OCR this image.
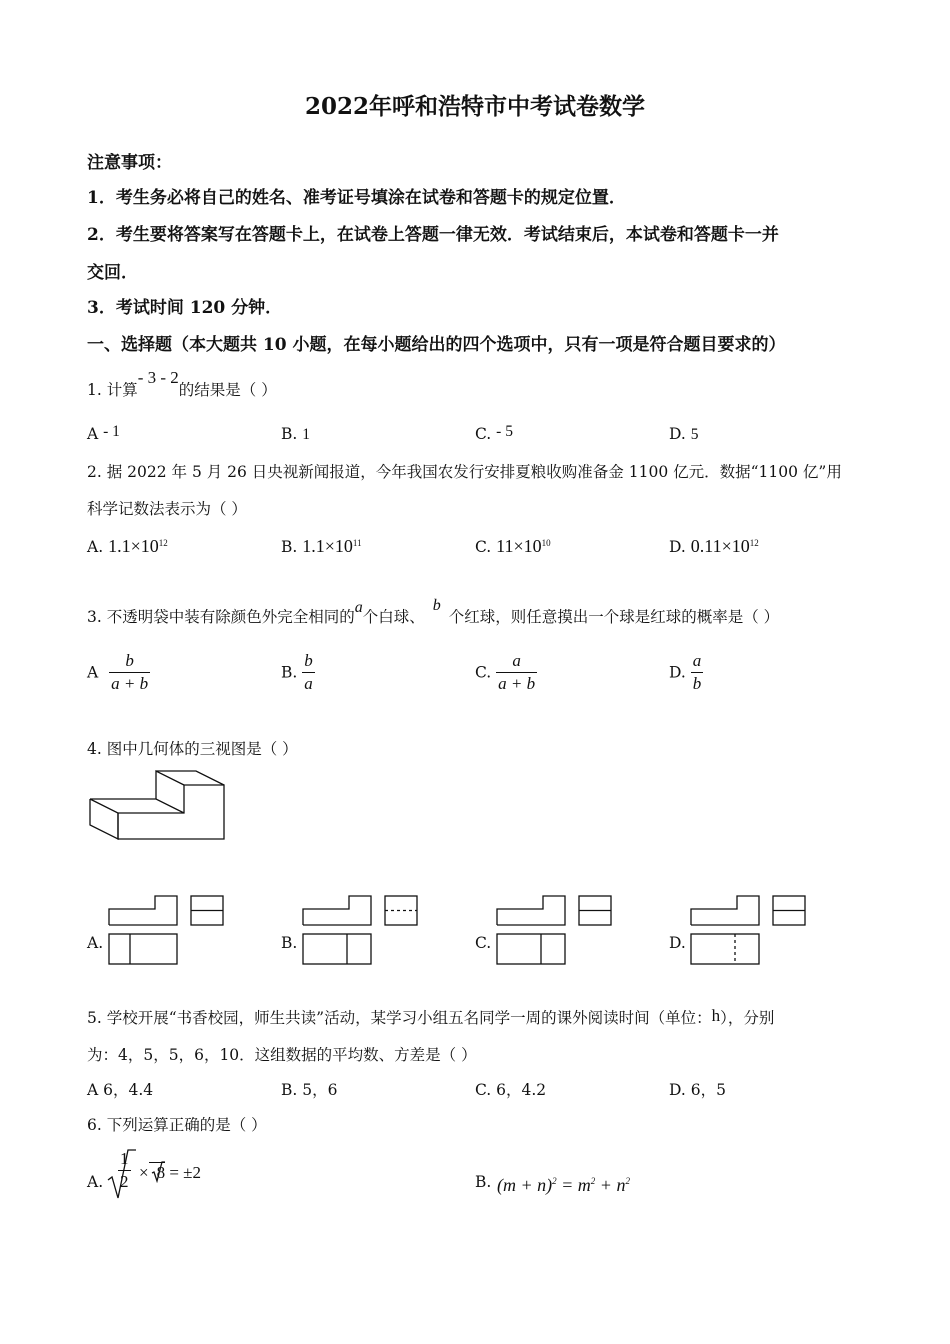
2022年呼和浩特市中考试卷数学
注意事项：
1．考生务必将自己的姓名、准考证号填涂在试卷和答题卡的规定位置．
2．考生要将答案写在答题卡上，在试卷上答题一律无效．考试结束后，本试卷和答题卡一并
交回．
3．考试时间 120 分钟．
一、选择题（本大题共 10 小题，在每小题给出的四个选项中，只有一项是符合题目要求的）
1. 计算- 3 - 2的结果是（ ）
A - 1	B. 1	C. - 5	D. 5
2. 据 2022 年 5 月 26 日央视新闻报道，今年我国农发行安排夏粮收购准备金 1100 亿元．数据“1100 亿”用
科学记数法表示为（ ）
A. $1.1\times 10^{12}$	B. $1.1\times 10^{11}$	C. $11\times 10^{10}$	D. $0.11\times 10^{12}$
3. 不透明袋中装有除颜色外完全相同的a个白球、b个红球，则任意摸出一个球是红球的概率是（ ）
A $\frac{b}{a + b}$	B. $\frac{b}{a}$	C. $\frac{a}{a + b}$	D. $\frac{a}{b}$
4. 图中几何体的三视图是（ ）
A.	B.	C.	D.
5. 学校开展“书香校园，师生共读”活动，某学习小组五名同学一周的课外阅读时间（单位：h），分别
为：4，5，5，6，10．这组数据的平均数、方差是（ ）
A 6，4.4	B. 5，6	C. 6，4.2	D. 6，5
6. 下列运算正确的是（ ）
A.
1
2 × 8 = ±2	B. $(m + n)^2 = m^2 + n^2$
